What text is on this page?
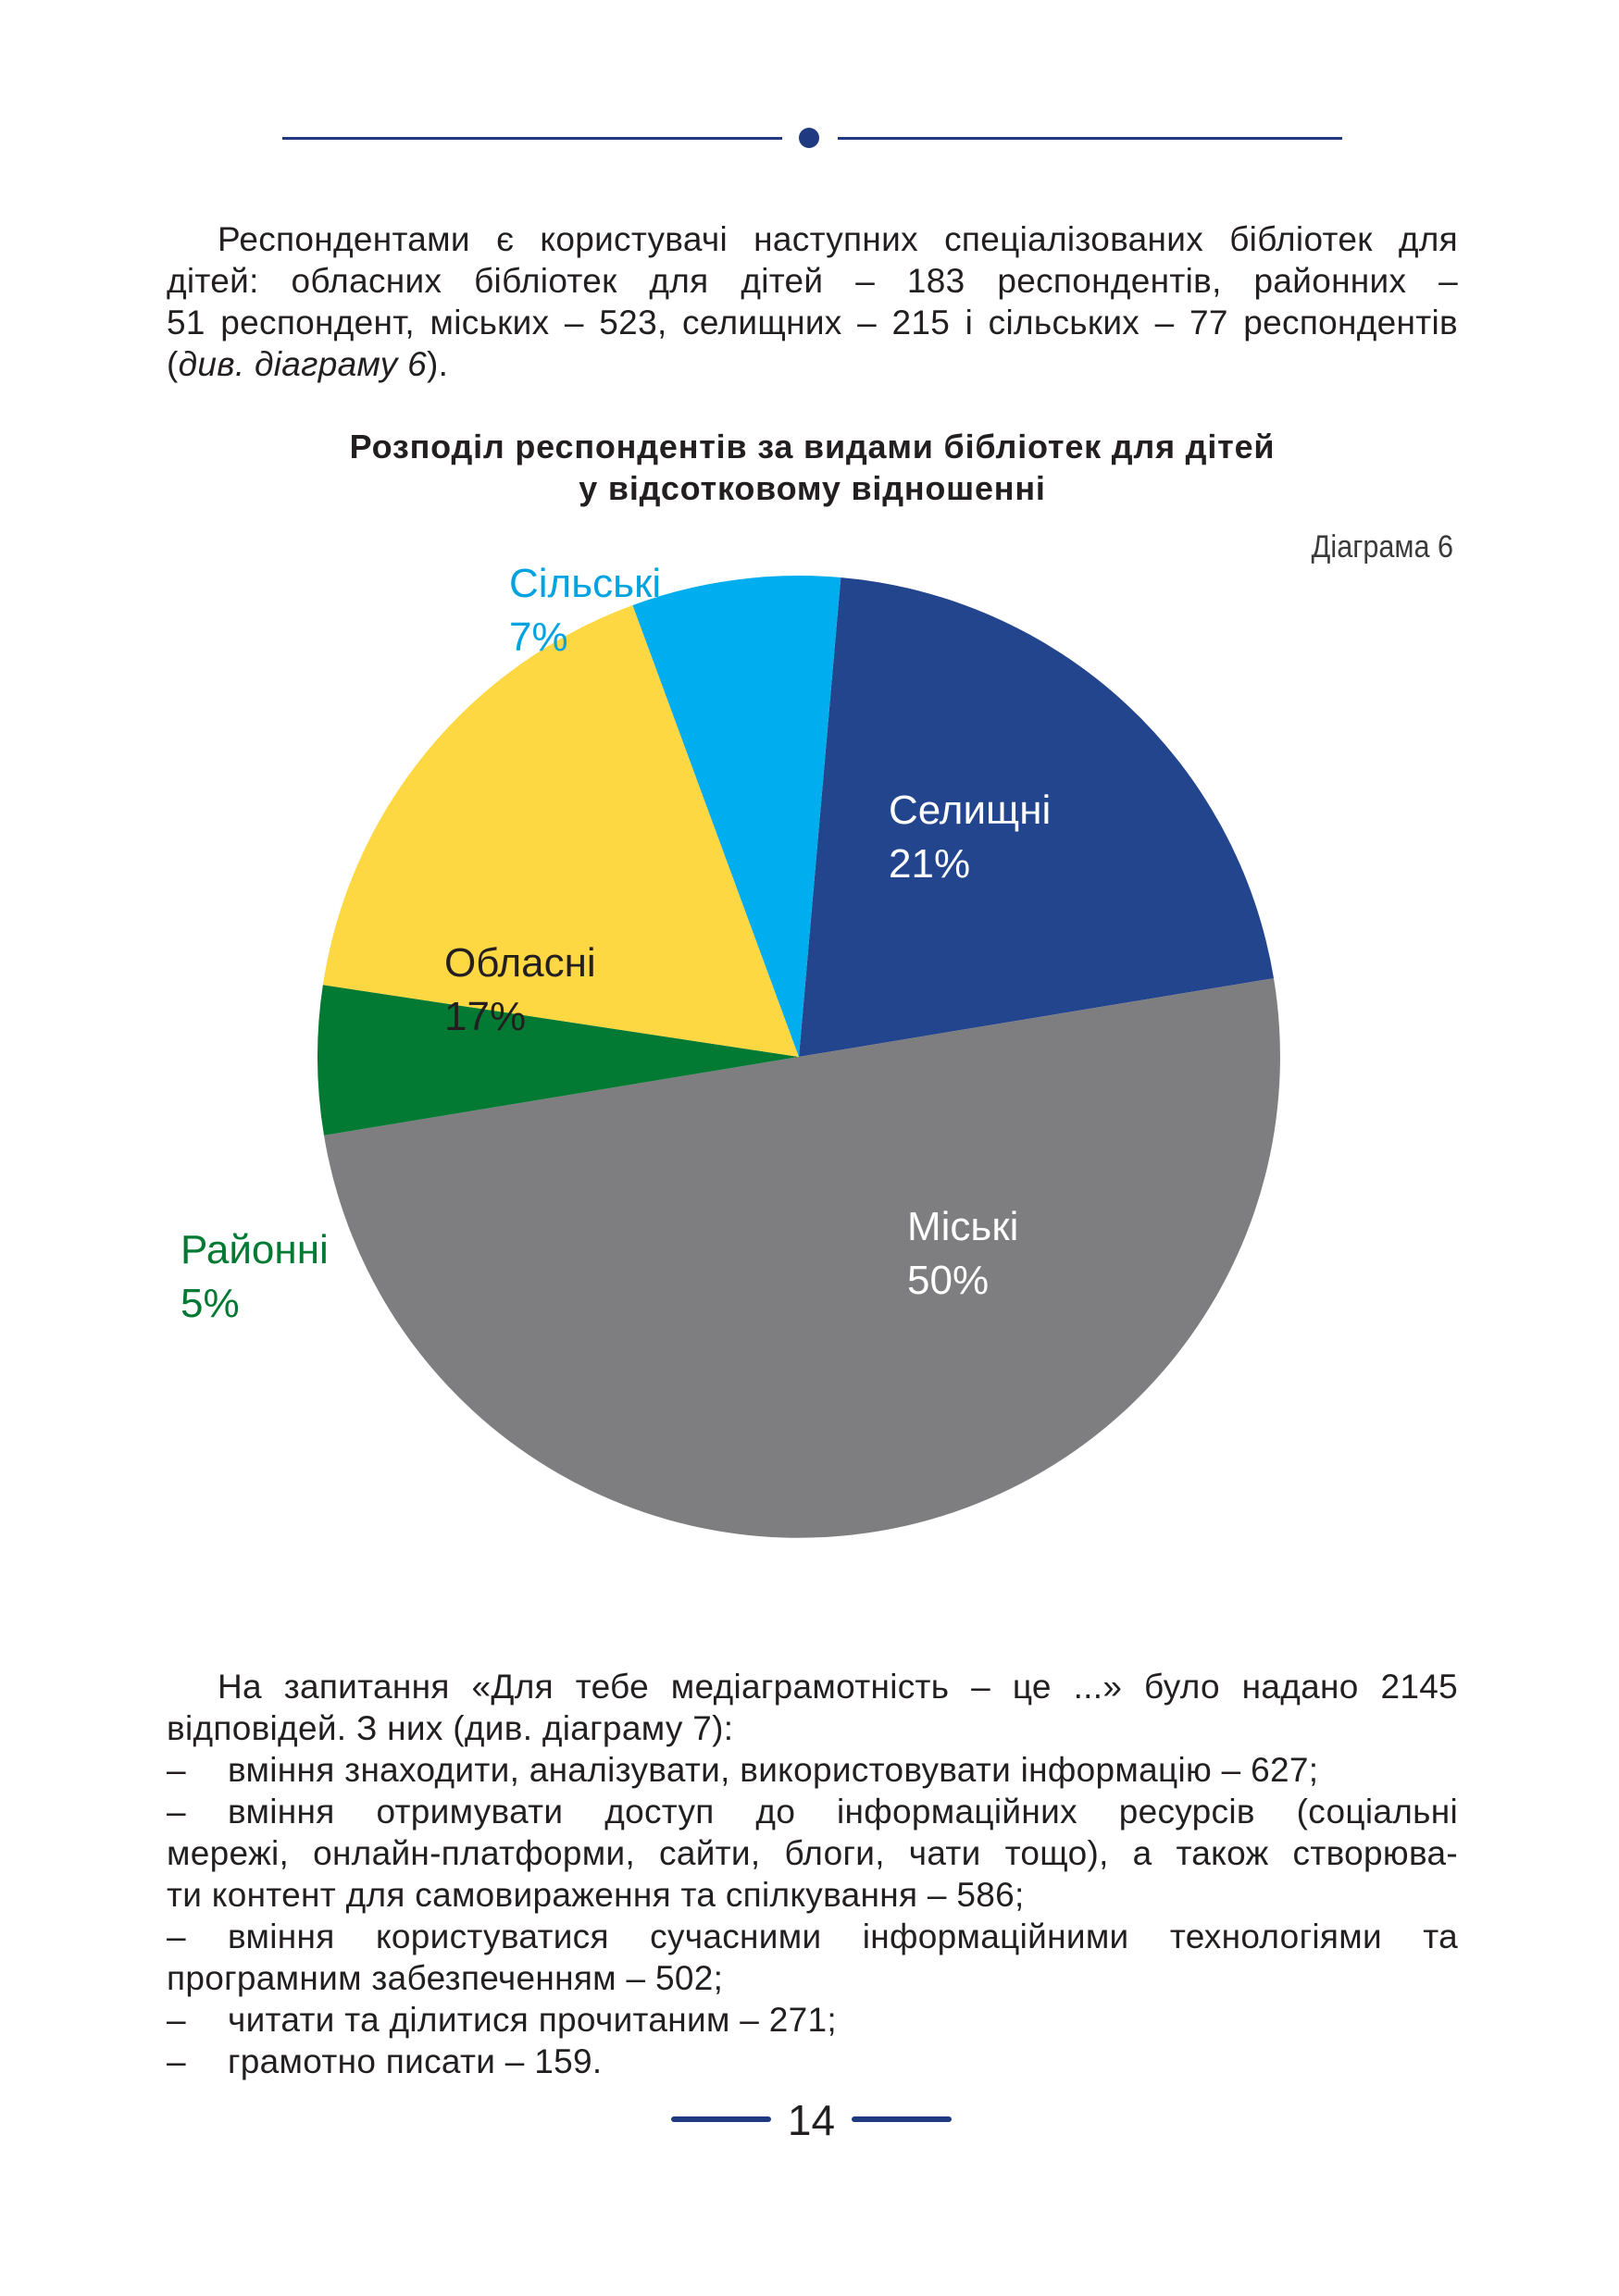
Респондентами є користувачі наступних спеціалізованих бібліотек для
дітей: обласних бібліотек для дітей – 183 респондентів, районних –
51 респондент, міських – 523, селищних – 215 і сільських – 77 респондентів
(див. діаграму 6).
Розподіл респондентів за видами бібліотек для дітей
у відсотковому відношенні
Діаграма 6
Селищні
21%
Міські
50%
Районні
5%
Обласні
17%
Сільські
7%
На запитання «Для тебе медіаграмотність – це ...» було надано 2145
відповідей. З них (див. діаграму 7):
– вміння знаходити, аналізувати, використовувати інформацію – 627;
– вміння отримувати доступ до інформаційних ресурсів (соціальні
мережі, онлайн-платформи, сайти, блоги, чати тощо), а також створюва-
ти контент для самовираження та спілкування – 586;
– вміння користуватися сучасними інформаційними технологіями та
програмним забезпеченням – 502;
– читати та ділитися прочитаним – 271;
– грамотно писати – 159.
14
